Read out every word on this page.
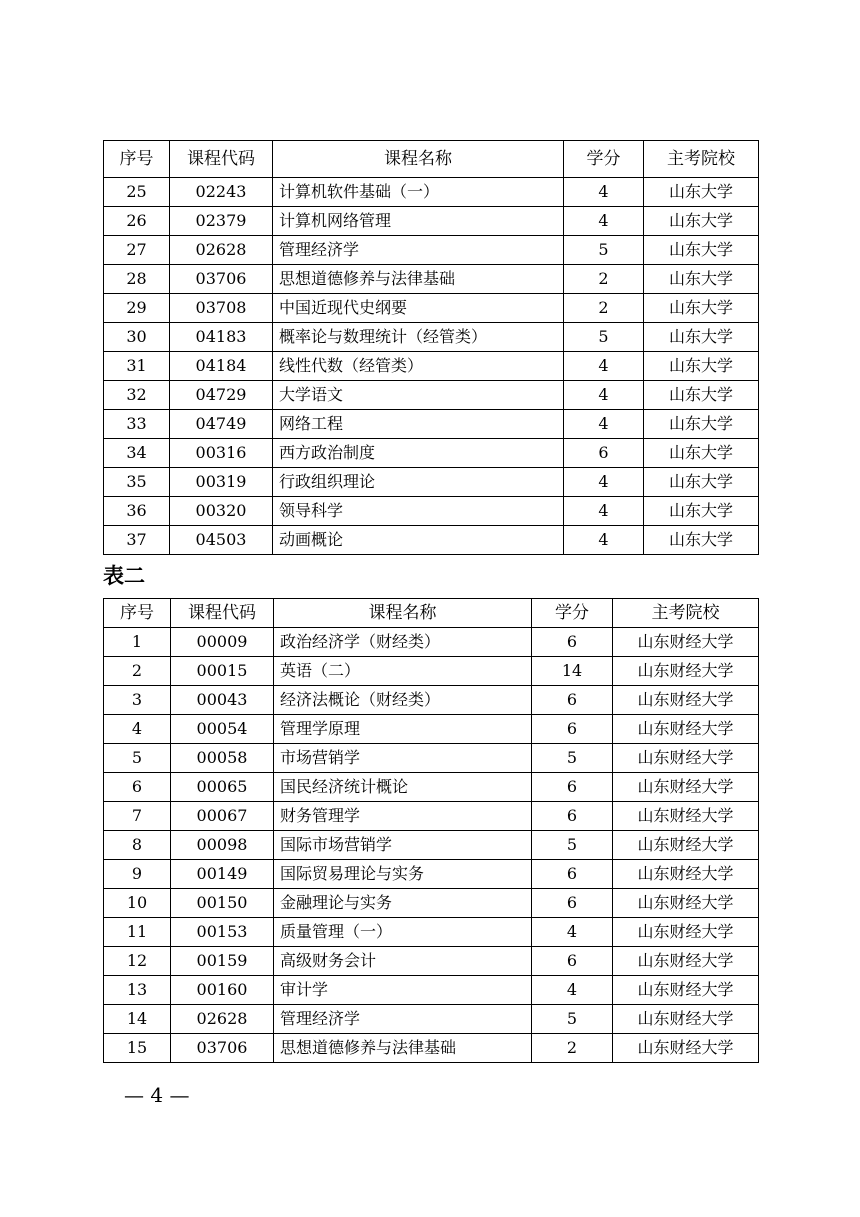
序号	课程代码	课程名称	学分	主考院校
25	02243	计算机软件基础（一）	4	山东大学
26	02379	计算机网络管理	4	山东大学
27	02628	管理经济学	5	山东大学
28	03706	思想道德修养与法律基础	2	山东大学
29	03708	中国近现代史纲要	2	山东大学
30	04183	概率论与数理统计（经管类）	5	山东大学
31	04184	线性代数（经管类）	4	山东大学
32	04729	大学语文	4	山东大学
33	04749	网络工程	4	山东大学
34	00316	西方政治制度	6	山东大学
35	00319	行政组织理论	4	山东大学
36	00320	领导科学	4	山东大学
37	04503	动画概论	4	山东大学
表二
序号	课程代码	课程名称	学分	主考院校
1	00009	政治经济学（财经类）	6	山东财经大学
2	00015	英语（二）	14	山东财经大学
3	00043	经济法概论（财经类）	6	山东财经大学
4	00054	管理学原理	6	山东财经大学
5	00058	市场营销学	5	山东财经大学
6	00065	国民经济统计概论	6	山东财经大学
7	00067	财务管理学	6	山东财经大学
8	00098	国际市场营销学	5	山东财经大学
9	00149	国际贸易理论与实务	6	山东财经大学
10	00150	金融理论与实务	6	山东财经大学
11	00153	质量管理（一）	4	山东财经大学
12	00159	高级财务会计	6	山东财经大学
13	00160	审计学	4	山东财经大学
14	02628	管理经济学	5	山东财经大学
15	03706	思想道德修养与法律基础	2	山东财经大学
— 4 —
